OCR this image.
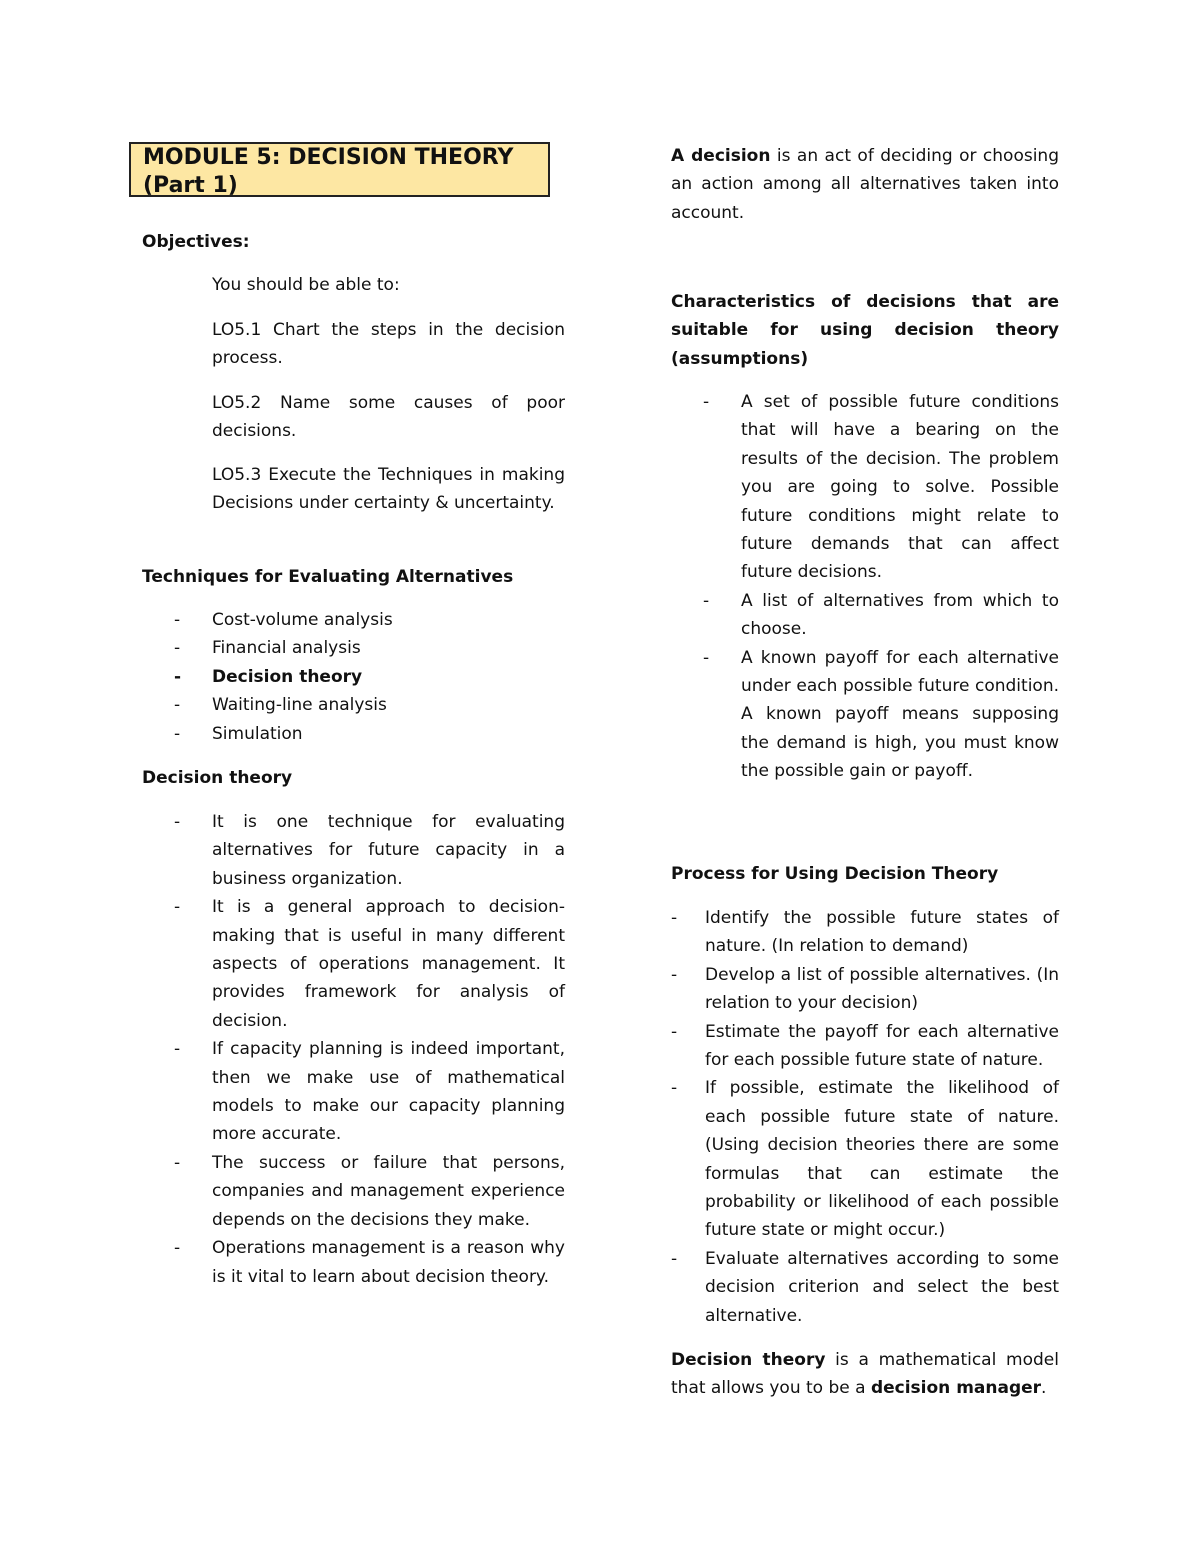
MODULE 5: DECISION THEORY (Part 1)

Objectives:

You should be able to:

LO5.1 Chart the steps in the decision process.

LO5.2 Name some causes of poor decisions.

LO5.3 Execute the Techniques in making Decisions under certainty & uncertainty.

Techniques for Evaluating Alternatives

- Cost-volume analysis
- Financial analysis
- Decision theory
- Waiting-line analysis
- Simulation

Decision theory

- It is one technique for evaluating alternatives for future capacity in a business organization.
- It is a general approach to decision-making that is useful in many different aspects of operations management. It provides framework for analysis of decision.
- If capacity planning is indeed important, then we make use of mathematical models to make our capacity planning more accurate.
- The success or failure that persons, companies and management experience depends on the decisions they make.
- Operations management is a reason why is it vital to learn about decision theory.

A decision is an act of deciding or choosing an action among all alternatives taken into account.

Characteristics of decisions that are suitable for using decision theory (assumptions)

- A set of possible future conditions that will have a bearing on the results of the decision. The problem you are going to solve. Possible future conditions might relate to future demands that can affect future decisions.
- A list of alternatives from which to choose.
- A known payoff for each alternative under each possible future condition. A known payoff means supposing the demand is high, you must know the possible gain or payoff.

Process for Using Decision Theory

- Identify the possible future states of nature. (In relation to demand)
- Develop a list of possible alternatives. (In relation to your decision)
- Estimate the payoff for each alternative for each possible future state of nature.
- If possible, estimate the likelihood of each possible future state of nature. (Using decision theories there are some formulas that can estimate the probability or likelihood of each possible future state or might occur.)
- Evaluate alternatives according to some decision criterion and select the best alternative.

Decision theory is a mathematical model that allows you to be a decision manager.
